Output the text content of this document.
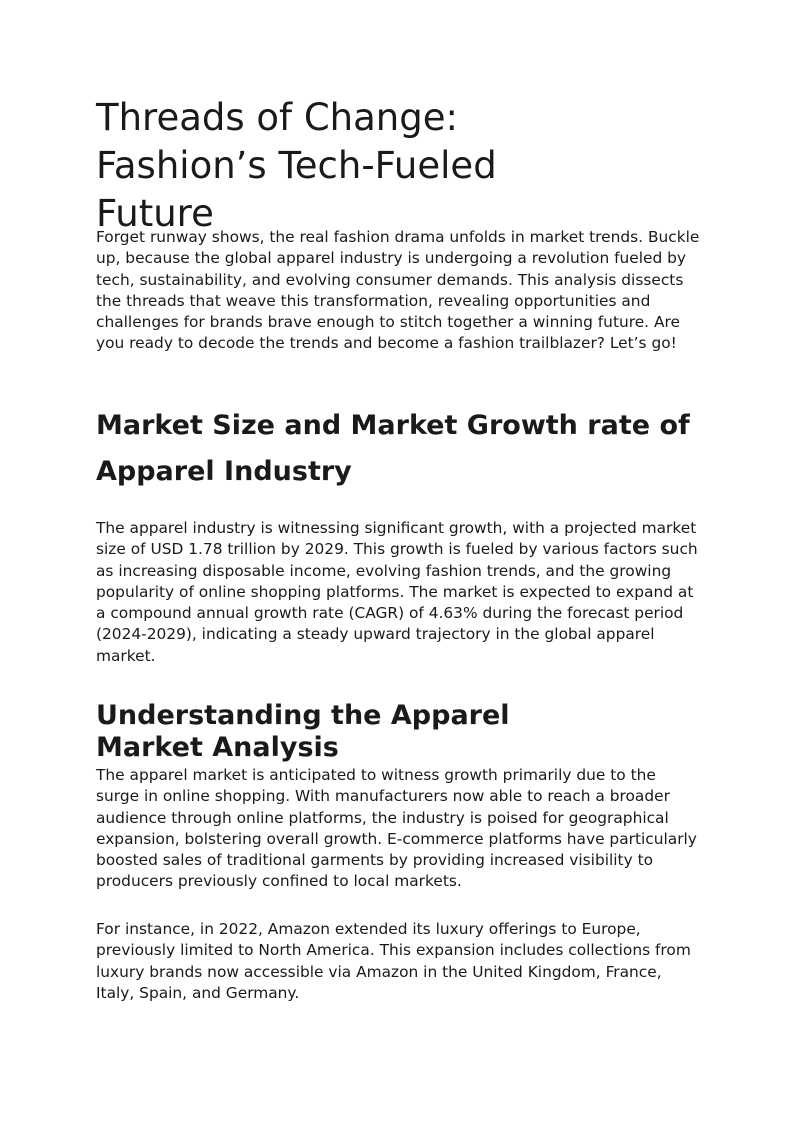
Threads of Change: Fashion’s Tech-Fueled Future

Forget runway shows, the real fashion drama unfolds in market trends. Buckle up, because the global apparel industry is undergoing a revolution fueled by tech, sustainability, and evolving consumer demands. This analysis dissects the threads that weave this transformation, revealing opportunities and challenges for brands brave enough to stitch together a winning future. Are you ready to decode the trends and become a fashion trailblazer? Let’s go!

Market Size and Market Growth rate of Apparel Industry

The apparel industry is witnessing significant growth, with a projected market size of USD 1.78 trillion by 2029. This growth is fueled by various factors such as increasing disposable income, evolving fashion trends, and the growing popularity of online shopping platforms. The market is expected to expand at a compound annual growth rate (CAGR) of 4.63% during the forecast period (2024-2029), indicating a steady upward trajectory in the global apparel market.

Understanding the Apparel Market Analysis

The apparel market is anticipated to witness growth primarily due to the surge in online shopping. With manufacturers now able to reach a broader audience through online platforms, the industry is poised for geographical expansion, bolstering overall growth. E-commerce platforms have particularly boosted sales of traditional garments by providing increased visibility to producers previously confined to local markets.

For instance, in 2022, Amazon extended its luxury offerings to Europe, previously limited to North America. This expansion includes collections from luxury brands now accessible via Amazon in the United Kingdom, France, Italy, Spain, and Germany.
